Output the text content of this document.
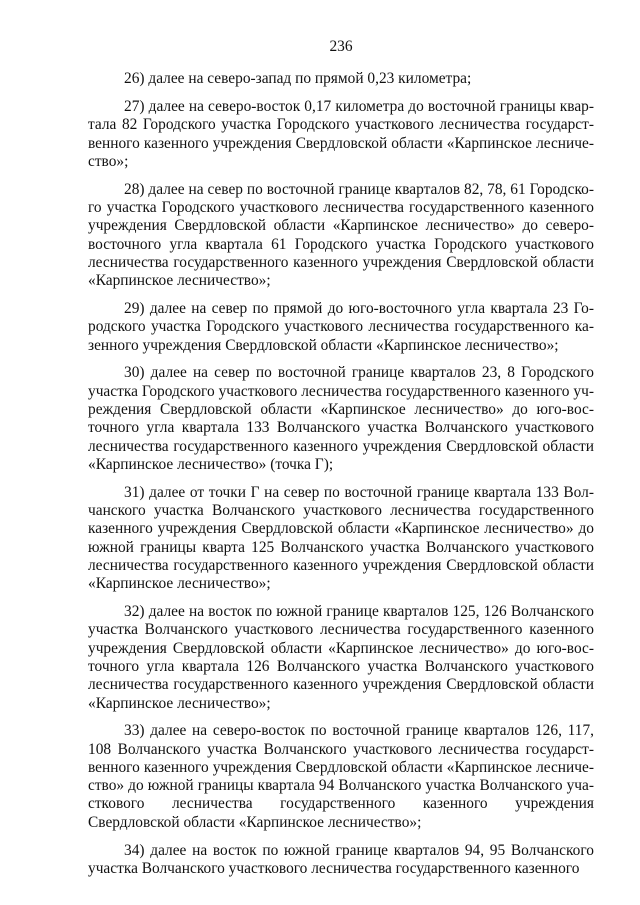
236

26) далее на северо-запад по прямой 0,23 километра;

27) далее на северо-восток 0,17 километра до восточной границы квартала 82 Городского участка Городского участкового лесничества государственного казенного учреждения Свердловской области «Карпинское лесничество»;

28) далее на север по восточной границе кварталов 82, 78, 61 Городского участка Городского участкового лесничества государственного казенного учреждения Свердловской области «Карпинское лесничество» до северо-восточного угла квартала 61 Городского участка Городского участкового лесничества государственного казенного учреждения Свердловской области «Карпинское лесничество»;

29) далее на север по прямой до юго-восточного угла квартала 23 Городского участка Городского участкового лесничества государственного казенного учреждения Свердловской области «Карпинское лесничество»;

30) далее на север по восточной границе кварталов 23, 8 Городского участка Городского участкового лесничества государственного казенного учреждения Свердловской области «Карпинское лесничество» до юго-восточного угла квартала 133 Волчанского участка Волчанского участкового лесничества государственного казенного учреждения Свердловской области «Карпинское лесничество» (точка Г);

31) далее от точки Г на север по восточной границе квартала 133 Волчанского участка Волчанского участкового лесничества государственного казенного учреждения Свердловской области «Карпинское лесничество» до южной границы кварта 125 Волчанского участка Волчанского участкового лесничества государственного казенного учреждения Свердловской области «Карпинское лесничество»;

32) далее на восток по южной границе кварталов 125, 126 Волчанского участка Волчанского участкового лесничества государственного казенного учреждения Свердловской области «Карпинское лесничество» до юго-восточного угла квартала 126 Волчанского участка Волчанского участкового лесничества государственного казенного учреждения Свердловской области «Карпинское лесничество»;

33) далее на северо-восток по восточной границе кварталов 126, 117, 108 Волчанского участка Волчанского участкового лесничества государственного казенного учреждения Свердловской области «Карпинское лесничество» до южной границы квартала 94 Волчанского участка Волчанского участкового лесничества государственного казенного учреждения Свердловской области «Карпинское лесничество»;

34) далее на восток по южной границе кварталов 94, 95 Волчанского участка Волчанского участкового лесничества государственного казенного
